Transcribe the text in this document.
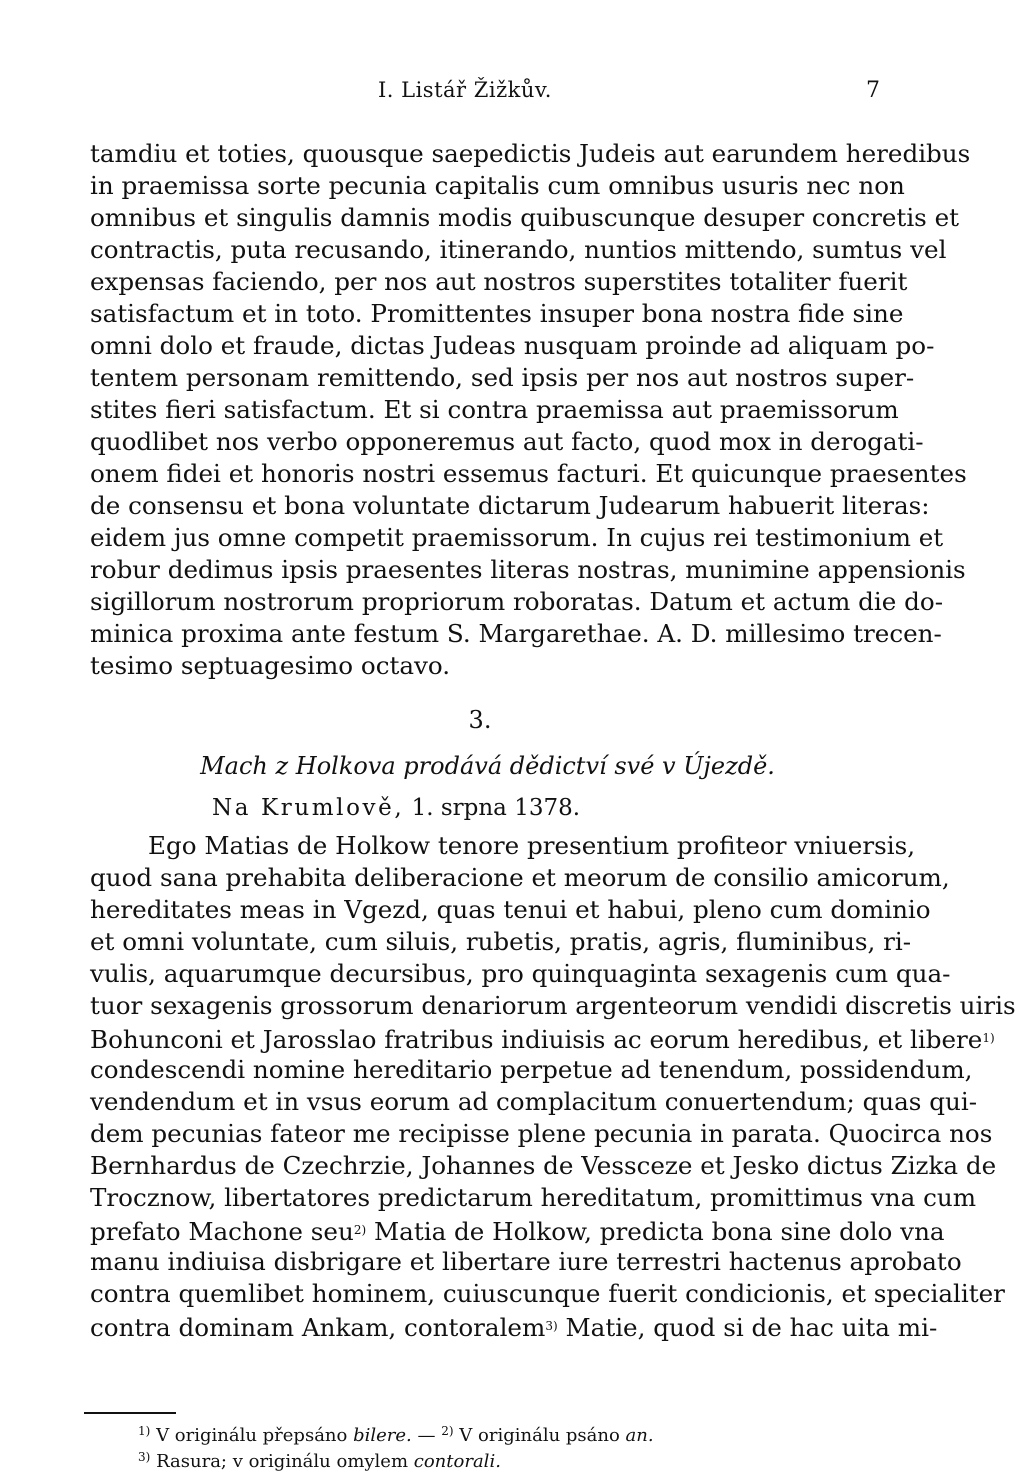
I. Listář Žižkův.	7
tamdiu et toties, quousque saepedictis Judeis aut earundem heredibus
in praemissa sorte pecunia capitalis cum omnibus usuris nec non
omnibus et singulis damnis modis quibuscunque desuper concretis et
contractis, puta recusando, itinerando, nuntios mittendo, sumtus vel
expensas faciendo, per nos aut nostros superstites totaliter fuerit
satisfactum et in toto. Promittentes insuper bona nostra fide sine
omni dolo et fraude, dictas Judeas nusquam proinde ad aliquam po-
tentem personam remittendo, sed ipsis per nos aut nostros super-
stites fieri satisfactum. Et si contra praemissa aut praemissorum
quodlibet nos verbo opponeremus aut facto, quod mox in derogati-
onem fidei et honoris nostri essemus facturi. Et quicunque praesentes
de consensu et bona voluntate dictarum Judearum habuerit literas:
eidem jus omne competit praemissorum. In cujus rei testimonium et
robur dedimus ipsis praesentes literas nostras, munimine appensionis
sigillorum nostrorum propriorum roboratas. Datum et actum die do-
minica proxima ante festum S. Margarethae. A. D. millesimo trecen-
tesimo septuagesimo octavo.
3.
Mach z Holkova prodává dědictví své v Újezdě.
Na Krumlově, 1. srpna 1378.
Ego Matias de Holkow tenore presentium profiteor vniuersis,
quod sana prehabita deliberacione et meorum de consilio amicorum,
hereditates meas in Vgezd, quas tenui et habui, pleno cum dominio
et omni voluntate, cum siluis, rubetis, pratis, agris, fluminibus, ri-
vulis, aquarumque decursibus, pro quinquaginta sexagenis cum qua-
tuor sexagenis grossorum denariorum argenteorum vendidi discretis uiris
Bohunconi et Jarosslao fratribus indiuisis ac eorum heredibus, et libere$^{1)}$
condescendi nomine hereditario perpetue ad tenendum, possidendum,
vendendum et in vsus eorum ad complacitum conuertendum; quas qui-
dem pecunias fateor me recipisse plene pecunia in parata. Quocirca nos
Bernhardus de Czechrzie, Johannes de Vessceze et Jesko dictus Zizka de
Trocznow, libertatores predictarum hereditatum, promittimus vna cum
prefato Machone seu$^{2)}$ Matia de Holkow, predicta bona sine dolo vna
manu indiuisa disbrigare et libertare iure terrestri hactenus aprobato
contra quemlibet hominem, cuiuscunque fuerit condicionis, et specialiter
contra dominam Ankam, contoralem$^{3)}$ Matie, quod si de hac uita mi-
$^{1)}$ V originálu přepsáno bilere. — $^{2)}$ V originálu psáno an.
$^{3)}$ Rasura; v originálu omylem contorali.
